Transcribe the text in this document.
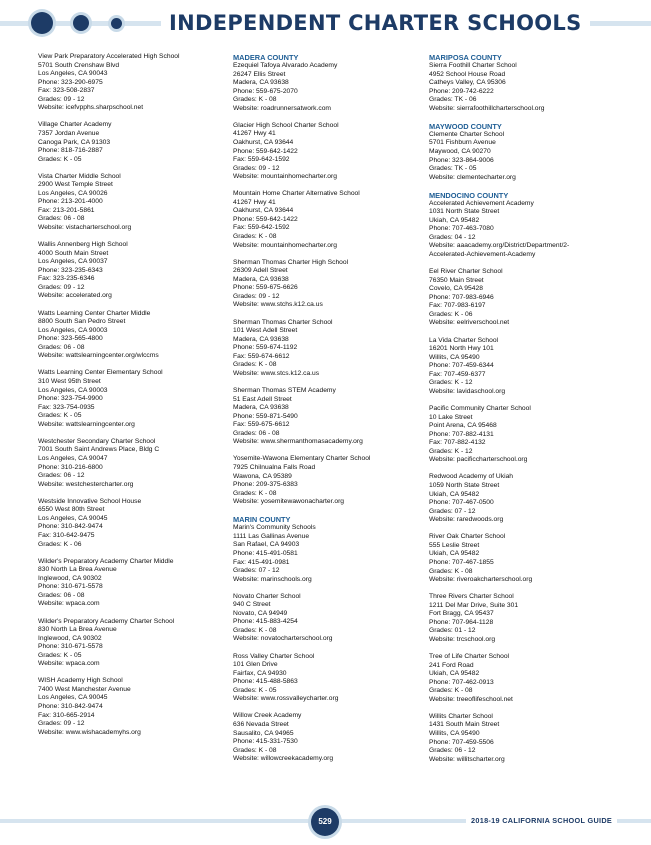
INDEPENDENT CHARTER SCHOOLS
View Park Preparatory Accelerated High School
5701 South Crenshaw Blvd
Los Angeles, CA 90043
Phone: 323-290-6975
Fax: 323-508-2837
Grades: 09 - 12
Website: icefvpphs.sharpschool.net
Village Charter Academy
7357 Jordan Avenue
Canoga Park, CA 91303
Phone: 818-716-2887
Grades: K - 05
Vista Charter Middle School
2900 West Temple Street
Los Angeles, CA 90026
Phone: 213-201-4000
Fax: 213-201-5861
Grades: 06 - 08
Website: vistacharterschool.org
Wallis Annenberg High School
4000 South Main Street
Los Angeles, CA 90037
Phone: 323-235-6343
Fax: 323-235-6346
Grades: 09 - 12
Website: accelerated.org
Watts Learning Center Charter Middle
8800 South San Pedro Street
Los Angeles, CA 90003
Phone: 323-565-4800
Grades: 06 - 08
Website: wattslearningcenter.org/wlccms
Watts Learning Center Elementary School
310 West 95th Street
Los Angeles, CA 90003
Phone: 323-754-9900
Fax: 323-754-0935
Grades: K - 05
Website: wattslearningcenter.org
Westchester Secondary Charter School
7001 South Saint Andrews Place, Bldg C
Los Angeles, CA 90047
Phone: 310-216-6800
Grades: 06 - 12
Website: westchestercharter.org
Westside Innovative School House
6550 West 80th Street
Los Angeles, CA 90045
Phone: 310-842-9474
Fax: 310-642-9475
Grades: K - 06
Wilder's Preparatory Academy Charter Middle
830 North La Brea Avenue
Inglewood, CA 90302
Phone: 310-671-5578
Grades: 06 - 08
Website: wpaca.com
Wilder's Preparatory Academy Charter School
830 North La Brea Avenue
Inglewood, CA 90302
Phone: 310-671-5578
Grades: K - 05
Website: wpaca.com
WISH Academy High School
7400 West Manchester Avenue
Los Angeles, CA 90045
Phone: 310-842-9474
Fax: 310-665-2914
Grades: 09 - 12
Website: www.wishacademyhs.org
MADERA COUNTY
Ezequiel Tafoya Alvarado Academy
26247 Ellis Street
Madera, CA 93638
Phone: 559-675-2070
Grades: K - 08
Website: roadrunnersatwork.com
Glacier High School Charter School
41267 Hwy 41
Oakhurst, CA 93644
Phone: 559-642-1422
Fax: 559-642-1592
Grades: 09 - 12
Website: mountainhomecharter.org
Mountain Home Charter Alternative School
41267 Hwy 41
Oakhurst, CA 93644
Phone: 559-642-1422
Fax: 559-642-1592
Grades: K - 08
Website: mountainhomecharter.org
Sherman Thomas Charter High School
26309 Adell Street
Madera, CA 93638
Phone: 559-675-6626
Grades: 09 - 12
Website: www.stchs.k12.ca.us
Sherman Thomas Charter School
101 West Adell Street
Madera, CA 93638
Phone: 559-674-1192
Fax: 559-674-6612
Grades: K - 08
Website: www.stcs.k12.ca.us
Sherman Thomas STEM Academy
51 East Adell Street
Madera, CA 93638
Phone: 559-871-5490
Fax: 559-675-6612
Grades: 06 - 08
Website: www.shermanthomasacademy.org
Yosemite-Wawona Elementary Charter School
7925 Chilnualna Falls Road
Wawona, CA 95389
Phone: 209-375-6383
Grades: K - 08
Website: yosemitewawonacharter.org
MARIN COUNTY
Marin's Community Schools
1111 Las Gallinas Avenue
San Rafael, CA 94903
Phone: 415-491-0581
Fax: 415-491-0981
Grades: 07 - 12
Website: marinschools.org
Novato Charter School
940 C Street
Novato, CA 94949
Phone: 415-883-4254
Grades: K - 08
Website: novatocharterschool.org
Ross Valley Charter School
101 Glen Drive
Fairfax, CA 94930
Phone: 415-488-5863
Grades: K - 05
Website: www.rossvalleycharter.org
Willow Creek Academy
636 Nevada Street
Sausalito, CA 94965
Phone: 415-331-7530
Grades: K - 08
Website: willowcreekacademy.org
MARIPOSA COUNTY
Sierra Foothill Charter School
4952 School House Road
Catheys Valley, CA 95306
Phone: 209-742-6222
Grades: TK - 06
Website: sierrafoothillcharterschool.org
MAYWOOD COUNTY
Clemente Charter School
5701 Fishburn Avenue
Maywood, CA 90270
Phone: 323-864-9006
Grades: TK - 05
Website: clementecharter.org
MENDOCINO COUNTY
Accelerated Achievement Academy
1031 North State Street
Ukiah, CA 95482
Phone: 707-463-7080
Grades: 04 - 12
Website: aaacademy.org/District/Department/2-
Accelerated-Achievement-Academy
Eel River Charter School
76350 Main Street
Covelo, CA 95428
Phone: 707-983-6946
Fax: 707-983-6197
Grades: K - 06
Website: eelriverschool.net
La Vida Charter School
16201 North Hwy 101
Willits, CA 95490
Phone: 707-459-6344
Fax: 707-459-6377
Grades: K - 12
Website: lavidaschool.org
Pacific Community Charter School
10 Lake Street
Point Arena, CA 95468
Phone: 707-882-4131
Fax: 707-882-4132
Grades: K - 12
Website: pacificcharterschool.org
Redwood Academy of Ukiah
1059 North State Street
Ukiah, CA 95482
Phone: 707-467-0500
Grades: 07 - 12
Website: raredwoods.org
River Oak Charter School
555 Leslie Street
Ukiah, CA 95482
Phone: 707-467-1855
Grades: K - 08
Website: riveroakcharterschool.org
Three Rivers Charter School
1211 Del Mar Drive, Suite 301
Fort Bragg, CA 95437
Phone: 707-964-1128
Grades: 01 - 12
Website: trcschool.org
Tree of Life Charter School
241 Ford Road
Ukiah, CA 95482
Phone: 707-462-0913
Grades: K - 08
Website: treeoflifeschool.net
Willits Charter School
1431 South Main Street
Willits, CA 95490
Phone: 707-459-5506
Grades: 06 - 12
Website: willitscharter.org
529	2018-19 CALIFORNIA SCHOOL GUIDE
